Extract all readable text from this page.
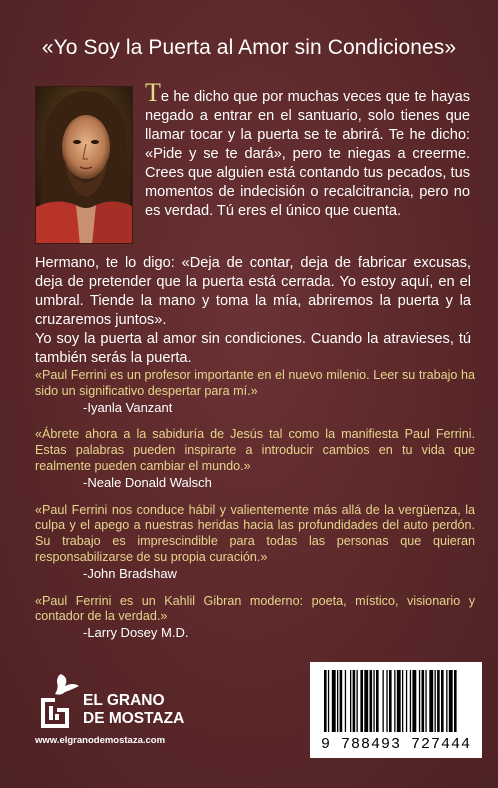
«Yo Soy la Puerta al Amor sin Condiciones»
Te he dicho que por muchas veces que te hayas negado a entrar en el santuario, solo tienes que llamar tocar y la puerta se te abrirá. Te he dicho: «Pide y se te dará», pero te niegas a creerme. Crees que alguien está contando tus pecados, tus momentos de indecisión o recalcitrancia, pero no es verdad. Tú eres el único que cuenta.

Hermano, te lo digo: «Deja de contar, deja de fabricar excusas, deja de pretender que la puerta está cerrada. Yo estoy aquí, en el umbral. Tiende la mano y toma la mía, abriremos la puerta y la cruzaremos juntos».

Yo soy la puerta al amor sin condiciones. Cuando la atravieses, tú también serás la puerta.

«Paul Ferrini es un profesor importante en el nuevo milenio. Leer su trabajo ha sido un significativo despertar para mí.»
-Iyanla Vanzant
«Ábrete ahora a la sabiduría de Jesús tal como la manifiesta Paul Ferrini. Estas palabras pueden inspirarte a introducir cambios en tu vida que realmente pueden cambiar el mundo.»
-Neale Donald Walsch
«Paul Ferrini nos conduce hábil y valientemente más allá de la vergüenza, la culpa y el apego a nuestras heridas hacia las profundidades del auto perdón. Su trabajo es imprescindible para todas las personas que quieran responsabilizarse de su propia curación.»
-John Bradshaw
«Paul Ferrini es un Kahlil Gibran moderno: poeta, místico, visionario y contador de la verdad.»
-Larry Dosey M.D.
EL GRANO
DE MOSTAZA
www.elgranodemostaza.com	9 788493 727444
